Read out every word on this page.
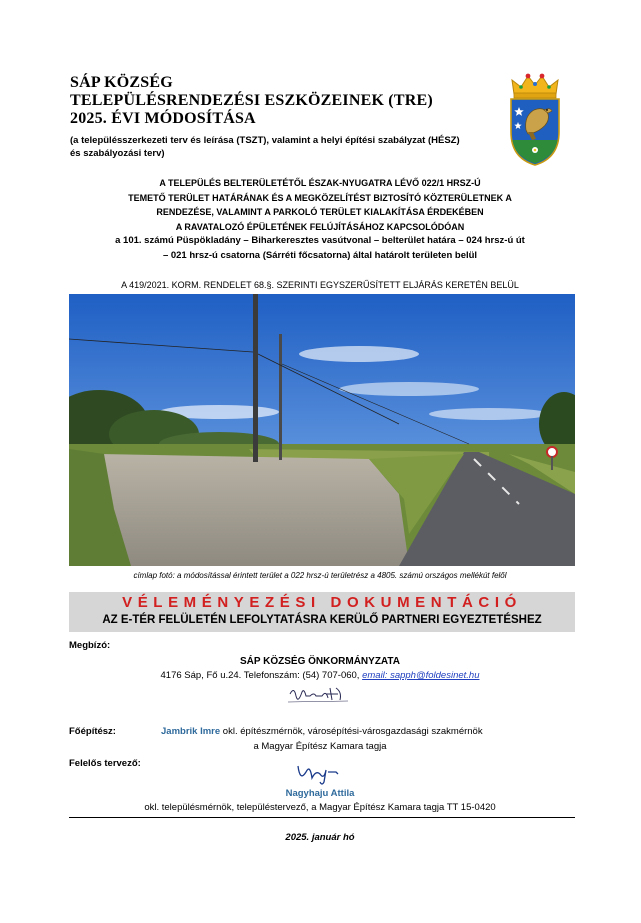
SÁP KÖZSÉG
TELEPÜLÉSRENDEZÉSI ESZKÖZEINEK (TRE)
2025. ÉVI MÓDOSÍTÁSA
(a településszerkezeti terv és leírása (TSZT), valamint a helyi építési szabályzat (HÉSZ)
és szabályozási terv)
A TELEPÜLÉS BELTERÜLETÉTŐL ÉSZAK-NYUGATRA LÉVŐ 022/1 HRSZ-Ú
TEMETŐ TERÜLET HATÁRÁNAK ÉS A MEGKÖZELÍTÉST BIZTOSÍTÓ KÖZTERÜLETNEK A
RENDEZÉSE, VALAMINT A PARKOLÓ TERÜLET KIALAKÍTÁSA ÉRDEKÉBEN
A RAVATALOZÓ ÉPÜLETÉNEK FELÚJÍTÁSÁHOZ KAPCSOLÓDÓAN
a 101. számú Püspökladány – Biharkeresztes vasútvonal – belterület határa – 024 hrsz-ú út
– 021 hrsz-ú csatorna (Sárréti főcsatorna) által határolt területen belül
A 419/2021. KORM. RENDELET 68.§. SZERINTI EGYSZERŰSÍTETT ELJÁRÁS KERETÉN BELÜL
címlap fotó: a módosítással érintett terület a 022 hrsz-ú területrész a 4805. számú országos mellékút felől
VÉLEMÉNYEZÉSI DOKUMENTÁCIÓ
AZ E-TÉR FELÜLETÉN LEFOLYTATÁSRA KERÜLŐ PARTNERI EGYEZTETÉSHEZ
Megbízó:
SÁP KÖZSÉG ÖNKORMÁNYZATA
4176 Sáp, Fő u.24. Telefonszám: (54) 707-060, email: sapph@foldesinet.hu
Főépítész:	Jambrik Imre okl. építészmérnök, városépítési-városgazdasági szakmérnök
a Magyar Építész Kamara tagja
Felelős tervező:
Nagyhaju Attila
okl. településmérnök, településtervező, a Magyar Építész Kamara tagja TT 15-0420
2025. január hó
